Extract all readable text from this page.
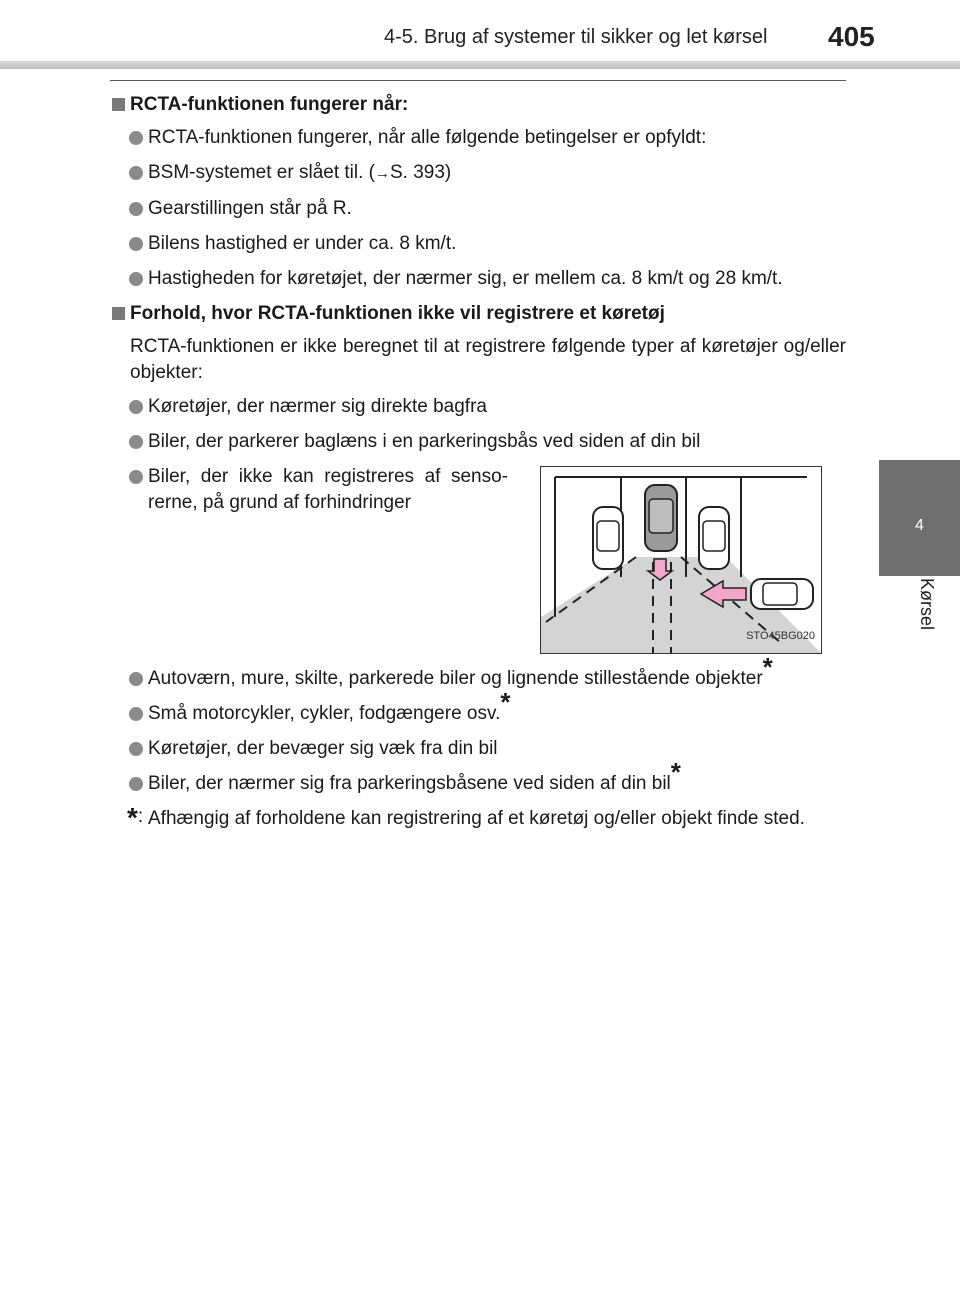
4-5. Brug af systemer til sikker og let kørsel 405
4
Kørsel
RCTA-funktionen fungerer når:
RCTA-funktionen fungerer, når alle følgende betingelser er opfyldt:
BSM-systemet er slået til. (→S. 393)
Gearstillingen står på R.
Bilens hastighed er under ca. 8 km/t.
Hastigheden for køretøjet, der nærmer sig, er mellem ca. 8 km/t og 28 km/t.
Forhold, hvor RCTA-funktionen ikke vil registrere et køretøj
RCTA-funktionen er ikke beregnet til at registrere følgende typer af køretøjer og/eller objekter:
Køretøjer, der nærmer sig direkte bagfra
Biler, der parkerer baglæns i en parkeringsbås ved siden af din bil
Biler, der ikke kan registreres af senso-rerne, på grund af forhindringer
STO45BG020
Autoværn, mure, skilte, parkerede biler og lignende stillestående objekter*
Små motorcykler, cykler, fodgængere osv.*
Køretøjer, der bevæger sig væk fra din bil
Biler, der nærmer sig fra parkeringsbåsene ved siden af din bil*
*: Afhængig af forholdene kan registrering af et køretøj og/eller objekt finde sted.
